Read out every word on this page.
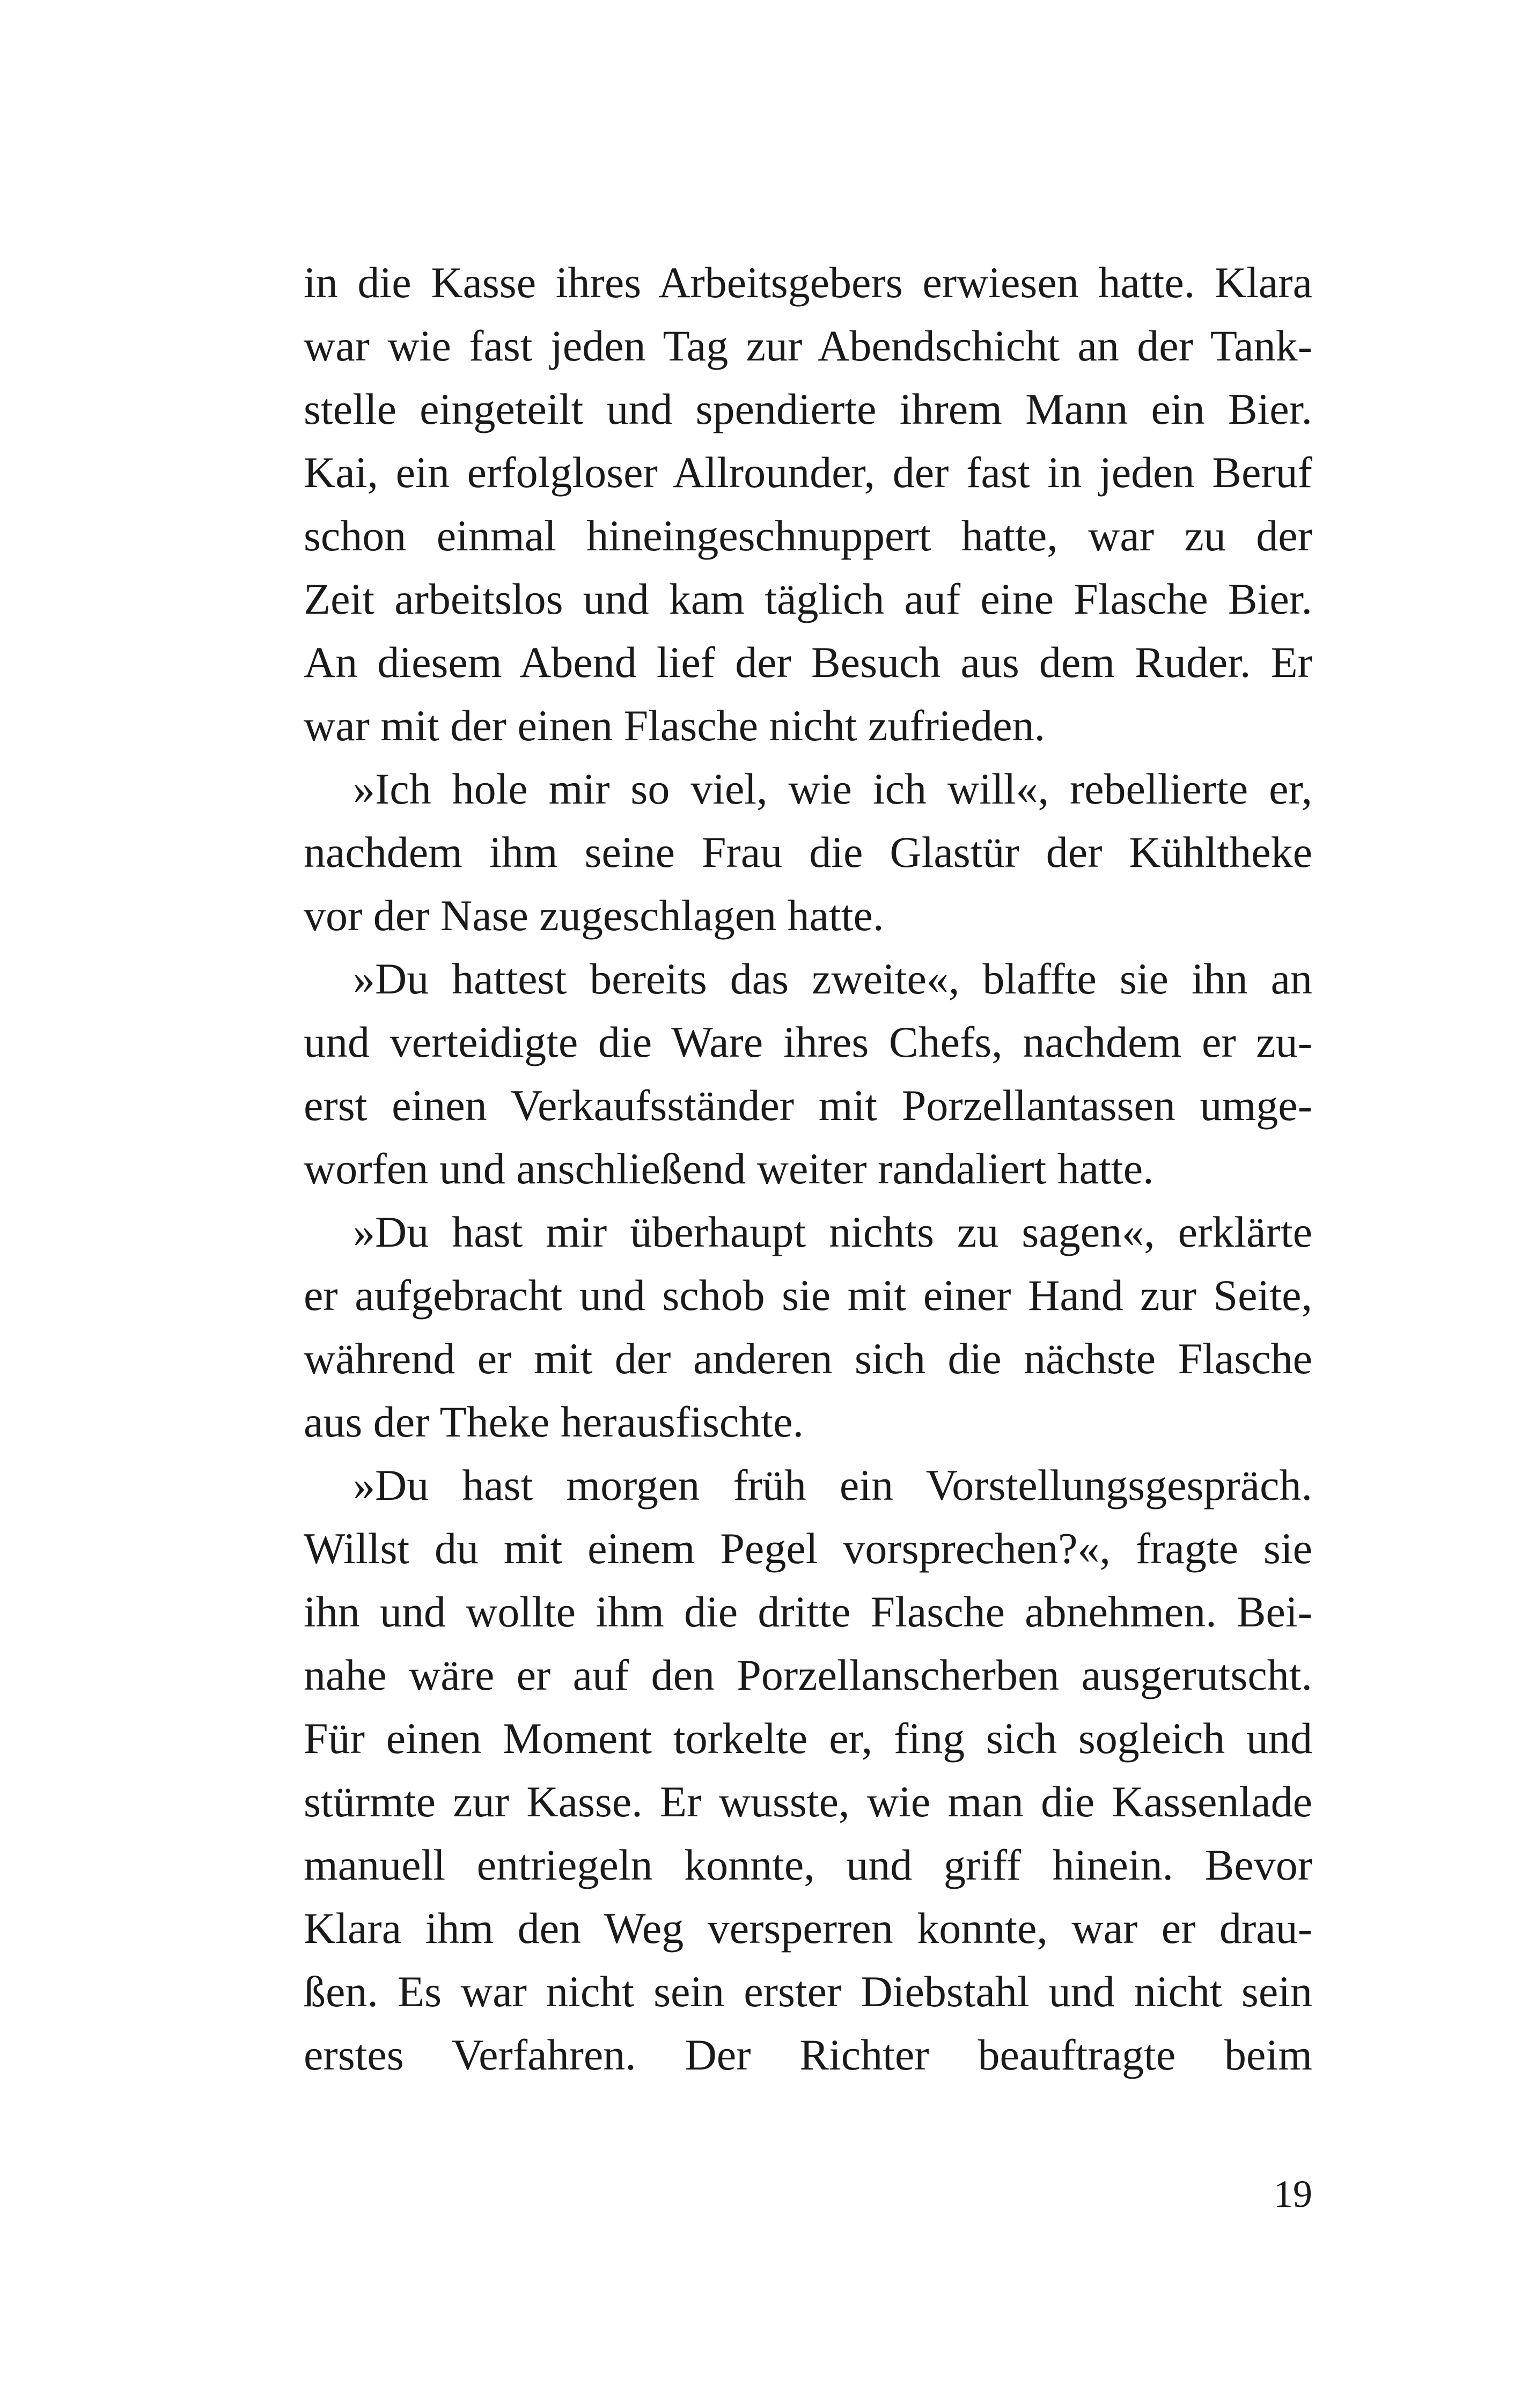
in die Kasse ihres Arbeitsgebers erwiesen hatte. Klara
war wie fast jeden Tag zur Abendschicht an der Tank-
stelle eingeteilt und spendierte ihrem Mann ein Bier.
Kai, ein erfolgloser Allrounder, der fast in jeden Beruf
schon einmal hineingeschnuppert hatte, war zu der
Zeit arbeitslos und kam täglich auf eine Flasche Bier.
An diesem Abend lief der Besuch aus dem Ruder. Er
war mit der einen Flasche nicht zufrieden.
»Ich hole mir so viel, wie ich will«, rebellierte er,
nachdem ihm seine Frau die Glastür der Kühltheke
vor der Nase zugeschlagen hatte.
»Du hattest bereits das zweite«, blaffte sie ihn an
und verteidigte die Ware ihres Chefs, nachdem er zu-
erst einen Verkaufsständer mit Porzellantassen umge-
worfen und anschließend weiter randaliert hatte.
»Du hast mir überhaupt nichts zu sagen«, erklärte
er aufgebracht und schob sie mit einer Hand zur Seite,
während er mit der anderen sich die nächste Flasche
aus der Theke herausfischte.
»Du hast morgen früh ein Vorstellungsgespräch.
Willst du mit einem Pegel vorsprechen?«, fragte sie
ihn und wollte ihm die dritte Flasche abnehmen. Bei-
nahe wäre er auf den Porzellanscherben ausgerutscht.
Für einen Moment torkelte er, fing sich sogleich und
stürmte zur Kasse. Er wusste, wie man die Kassenlade
manuell entriegeln konnte, und griff hinein. Bevor
Klara ihm den Weg versperren konnte, war er drau-
ßen. Es war nicht sein erster Diebstahl und nicht sein
erstes Verfahren. Der Richter beauftragte beim
19
